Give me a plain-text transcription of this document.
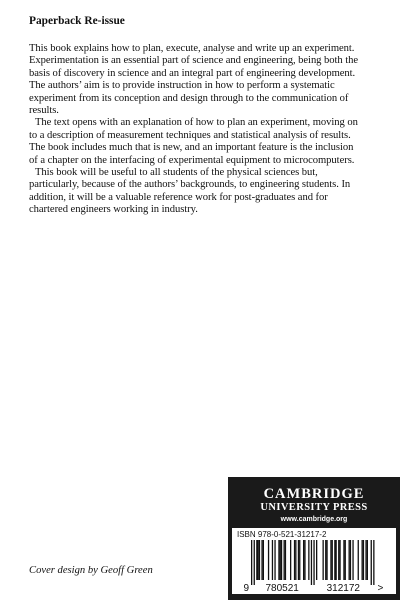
Paperback Re-issue

This book explains how to plan, execute, analyse and write up an experiment. Experimentation is an essential part of science and engineering, being both the basis of discovery in science and an integral part of engineering development. The authors’ aim is to provide instruction in how to perform a systematic experiment from its conception and design through to the communication of results.

The text opens with an explanation of how to plan an experiment, moving on to a description of measurement techniques and statistical analysis of results. The book includes much that is new, and an important feature is the inclusion of a chapter on the interfacing of experimental equipment to microcomputers.

This book will be useful to all students of the physical sciences but, particularly, because of the authors’ backgrounds, to engineering students. In addition, it will be a valuable reference work for post-graduates and for chartered engineers working in industry.

Cover design by Geoff Green
CAMBRIDGE
UNIVERSITY PRESS
www.cambridge.org
ISBN 978-0-521-31217-2
9 780521	312172 >
